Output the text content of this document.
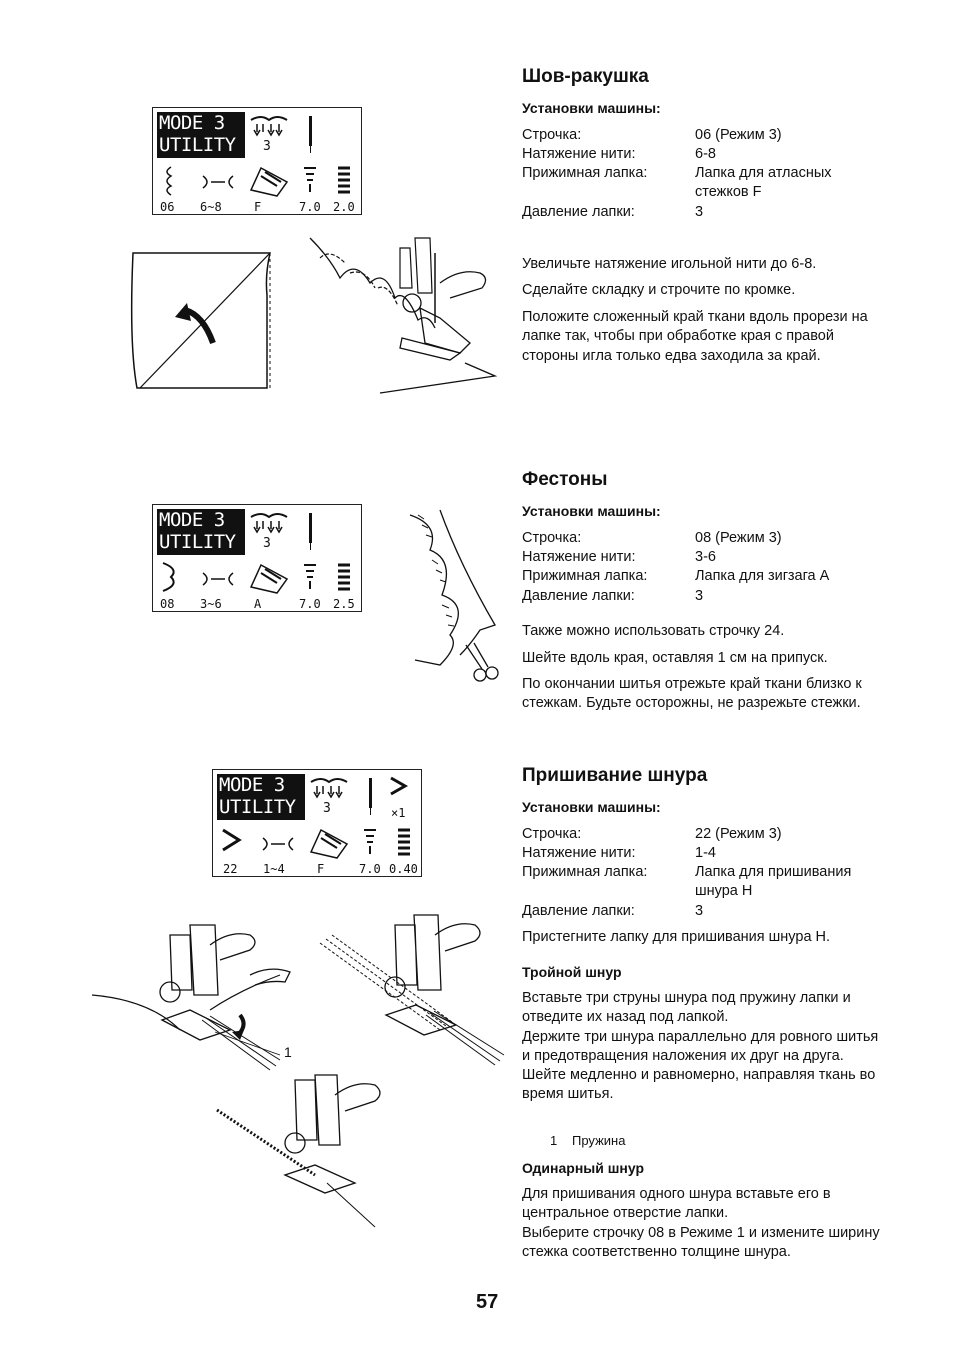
Шов-ракушка
Установки машины:
Строчка:	06 (Режим 3)
Натяжение нити:	6-8
Прижимная лапка:	Лапка для атласных стежков F
Давление лапки:	3
Увеличьте натяжение игольной нити до 6-8.
Сделайте складку и строчите по кромке.
Положите сложенный край ткани вдоль прорези на лапке так, чтобы при обработке края с правой стороны игла только едва заходила за край.
MODE 3
UTILITY	3
06 6~8	F	7.0 2.0
Фестоны
Установки машины:
Строчка:	08 (Режим 3)
Натяжение нити:	3-6
Прижимная лапка:	Лапка для зигзага A
Давление лапки:	3
Также можно использовать строчку 24.
Шейте вдоль края, оставляя 1 см на припуск.
По окончании шитья отрежьте край ткани близко к стежкам. Будьте осторожны, не разрежьте стежки.
MODE 3
UTILITY	3
08 3~6	A	7.0 2.5
Пришивание шнура
Установки машины:
Строчка:	22 (Режим 3)
Натяжение нити:	1-4
Прижимная лапка:	Лапка для пришивания шнура H
Давление лапки:	3
Пристегните лапку для пришивания шнура H.
Тройной шнур
Вставьте три струны шнура под пружину лапки и отведите их назад под лапкой.
Держите три шнура параллельно для ровного шитья и предотвращения наложения их друг на друга.
Шейте медленно и равномерно, направляя ткань во время шитья.
1 Пружина
Одинарный шнур
Для пришивания одного шнура вставьте его в центральное отверстие лапки.
Выберите строчку 08 в Режиме 1 и измените ширину стежка соответственно толщине шнура.
MODE 3
UTILITY	3	×1
22 1~4	F	7.0 0.40
1
57
